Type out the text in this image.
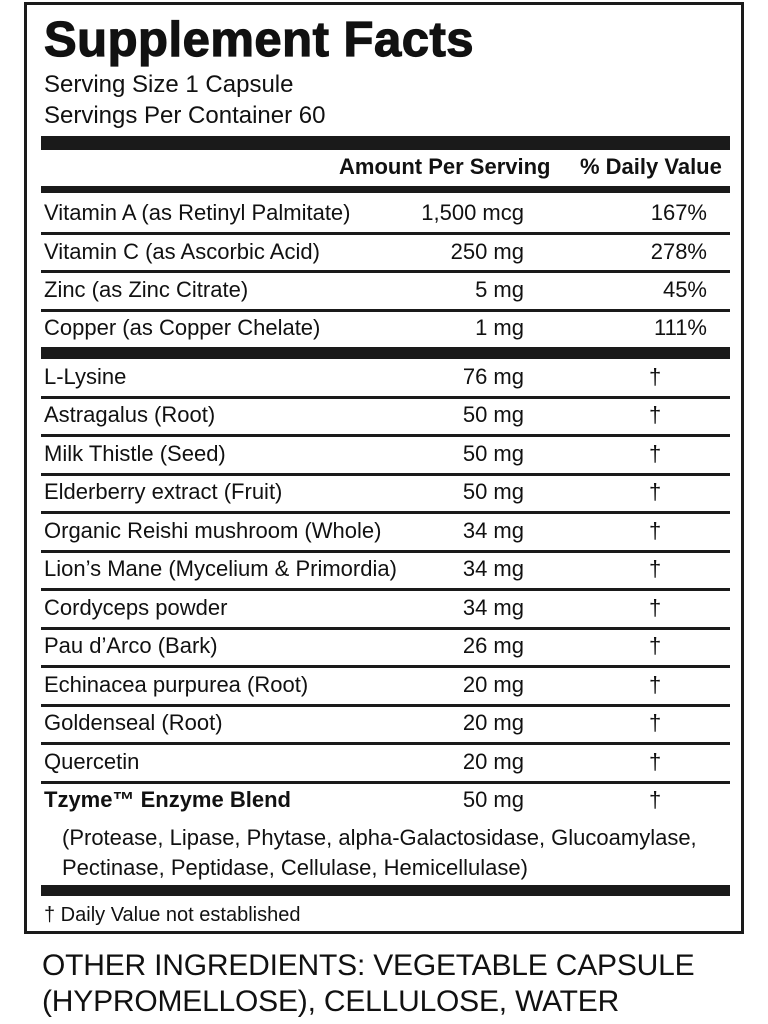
Supplement Facts
Serving Size 1 Capsule
Servings Per Container 60
Amount Per Serving % Daily Value
Vitamin A (as Retinyl Palmitate)	1,500 mcg	167%
Vitamin C (as Ascorbic Acid)	250 mg	278%
Zinc (as Zinc Citrate)	5 mg	45%
Copper (as Copper Chelate)	1 mg	111%
L-Lysine	76 mg	†
Astragalus (Root)	50 mg	†
Milk Thistle (Seed)	50 mg	†
Elderberry extract (Fruit)	50 mg	†
Organic Reishi mushroom (Whole)	34 mg	†
Lion’s Mane (Mycelium & Primordia)	34 mg	†
Cordyceps powder	34 mg	†
Pau d’Arco (Bark)	26 mg	†
Echinacea purpurea (Root)	20 mg	†
Goldenseal (Root)	20 mg	†
Quercetin	20 mg	†
Tzyme™ Enzyme Blend	50 mg	†
(Protease, Lipase, Phytase, alpha-Galactosidase, Glucoamylase,
Pectinase, Peptidase, Cellulase, Hemicellulase)
† Daily Value not established
OTHER INGREDIENTS: VEGETABLE CAPSULE
(HYPROMELLOSE), CELLULOSE, WATER
